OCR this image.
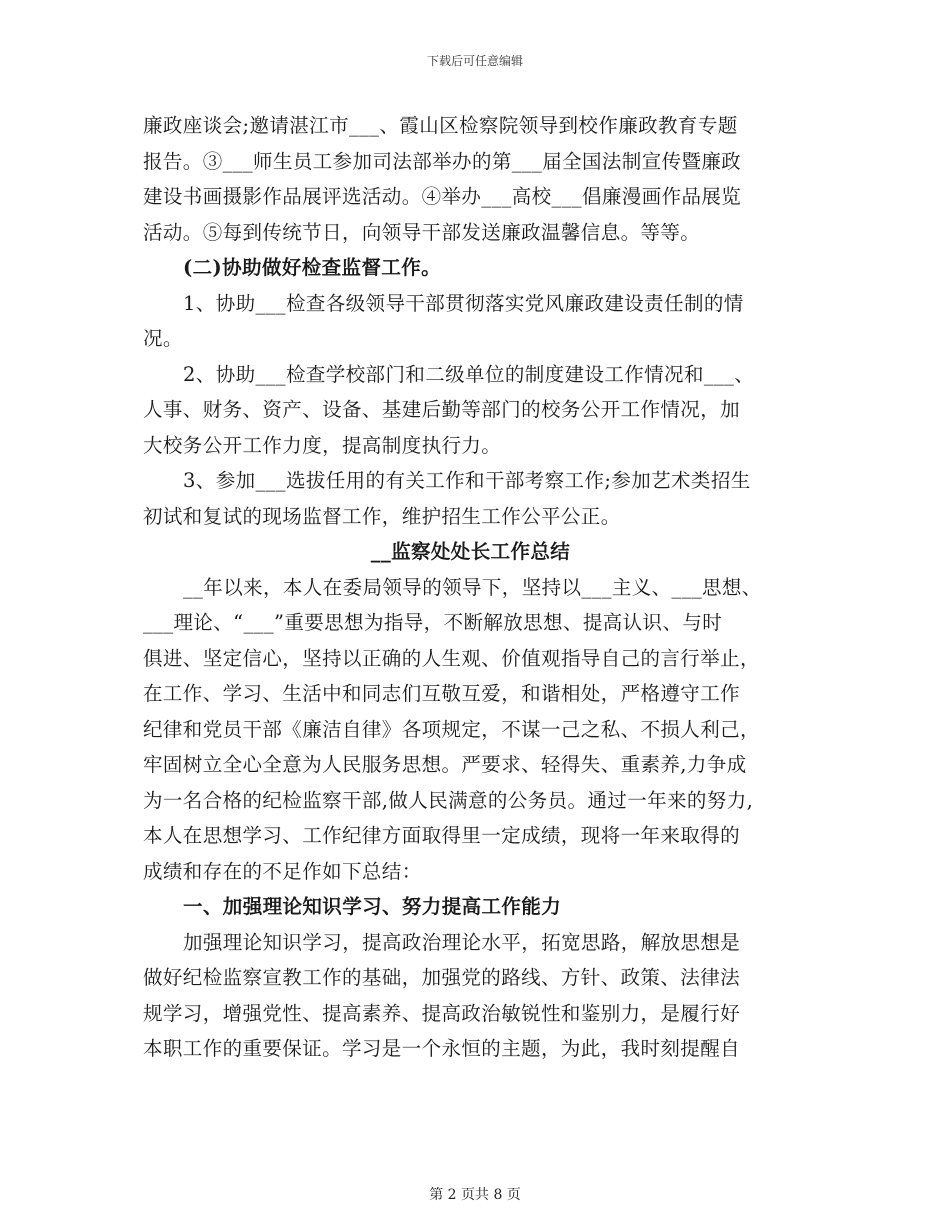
下载后可任意编辑
廉政座谈会;邀请湛江市___、霞山区检察院领导到校作廉政教育专题
报告。③___师生员工参加司法部举办的第___届全国法制宣传暨廉政
建设书画摄影作品展评选活动。④举办___高校___倡廉漫画作品展览
活动。⑤每到传统节日，向领导干部发送廉政温馨信息。等等。
(二)协助做好检查监督工作。
1、协助___检查各级领导干部贯彻落实党风廉政建设责任制的情
况。
2、协助___检查学校部门和二级单位的制度建设工作情况和___、
人事、财务、资产、设备、基建后勤等部门的校务公开工作情况，加
大校务公开工作力度，提高制度执行力。
3、参加___选拔任用的有关工作和干部考察工作;参加艺术类招生
初试和复试的现场监督工作，维护招生工作公平公正。
__监察处处长工作总结
__年以来，本人在委局领导的领导下，坚持以___主义、___思想、
___理论、“___”重要思想为指导，不断解放思想、提高认识、与时
俱进、坚定信心，坚持以正确的人生观、价值观指导自己的言行举止，
在工作、学习、生活中和同志们互敬互爱，和谐相处，严格遵守工作
纪律和党员干部《廉洁自律》各项规定，不谋一己之私、不损人利己，
牢固树立全心全意为人民服务思想。严要求、轻得失、重素养,力争成
为一名合格的纪检监察干部,做人民满意的公务员。通过一年来的努力,
本人在思想学习、工作纪律方面取得里一定成绩，现将一年来取得的
成绩和存在的不足作如下总结：
一、加强理论知识学习、努力提高工作能力
加强理论知识学习，提高政治理论水平，拓宽思路，解放思想是
做好纪检监察宣教工作的基础，加强党的路线、方针、政策、法律法
规学习，增强党性、提高素养、提高政治敏锐性和鉴别力，是履行好
本职工作的重要保证。学习是一个永恒的主题，为此，我时刻提醒自
第 2 页共 8 页
